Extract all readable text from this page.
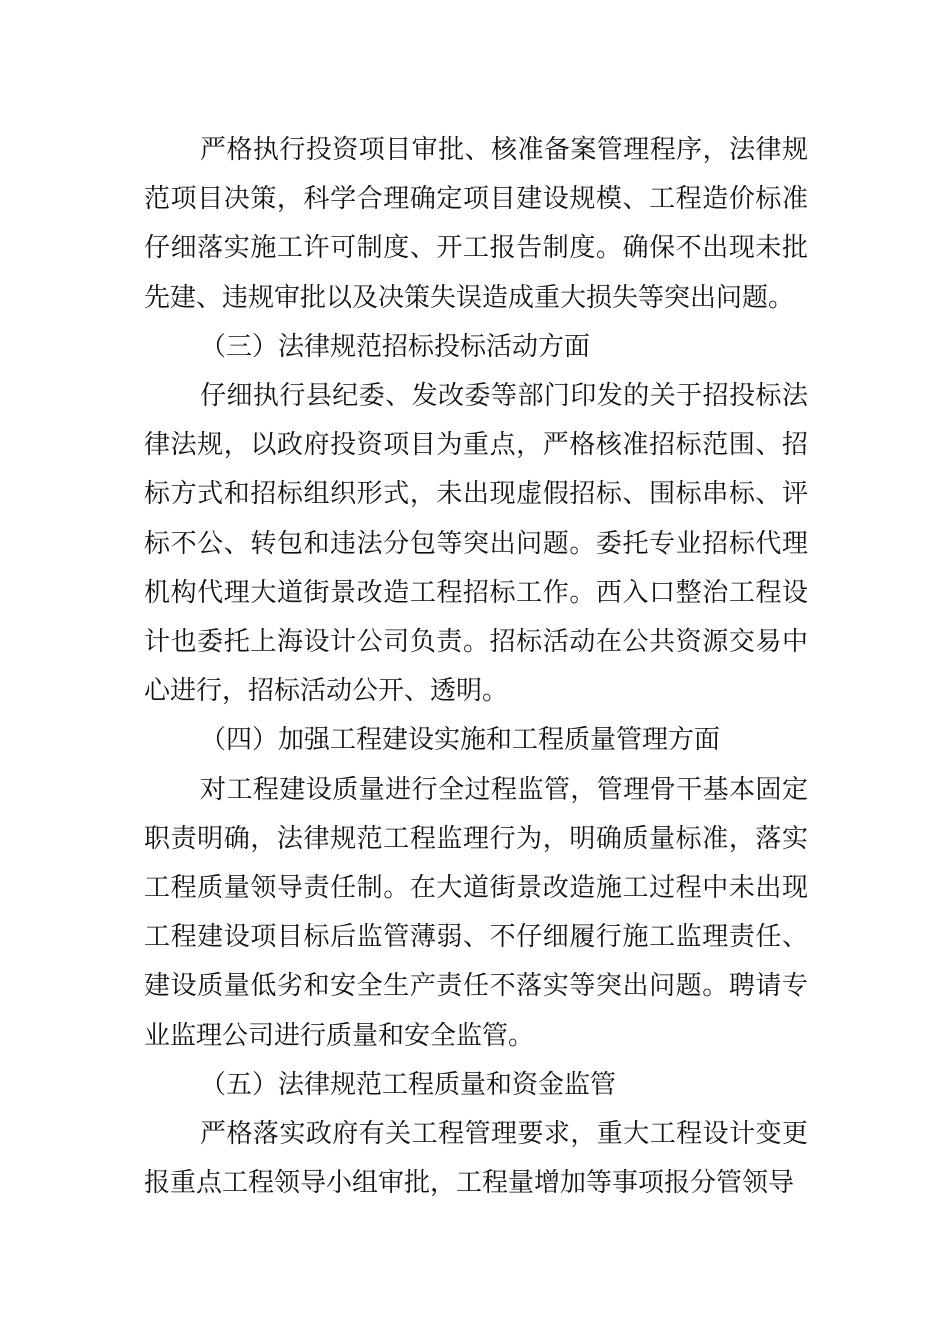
严格执行投资项目审批、核准备案管理程序，法律规范项目决策，科学合理确定项目建设规模、工程造价标准仔细落实施工许可制度、开工报告制度。确保不出现未批先建、违规审批以及决策失误造成重大损失等突出问题。

（三）法律规范招标投标活动方面

仔细执行县纪委、发改委等部门印发的关于招投标法律法规，以政府投资项目为重点，严格核准招标范围、招标方式和招标组织形式，未出现虚假招标、围标串标、评标不公、转包和违法分包等突出问题。委托专业招标代理机构代理大道街景改造工程招标工作。西入口整治工程设计也委托上海设计公司负责。招标活动在公共资源交易中心进行，招标活动公开、透明。

（四）加强工程建设实施和工程质量管理方面

对工程建设质量进行全过程监管，管理骨干基本固定职责明确，法律规范工程监理行为，明确质量标准，落实工程质量领导责任制。在大道街景改造施工过程中未出现工程建设项目标后监管薄弱、不仔细履行施工监理责任、建设质量低劣和安全生产责任不落实等突出问题。聘请专业监理公司进行质量和安全监管。

（五）法律规范工程质量和资金监管

严格落实政府有关工程管理要求，重大工程设计变更报重点工程领导小组审批，工程量增加等事项报分管领导
